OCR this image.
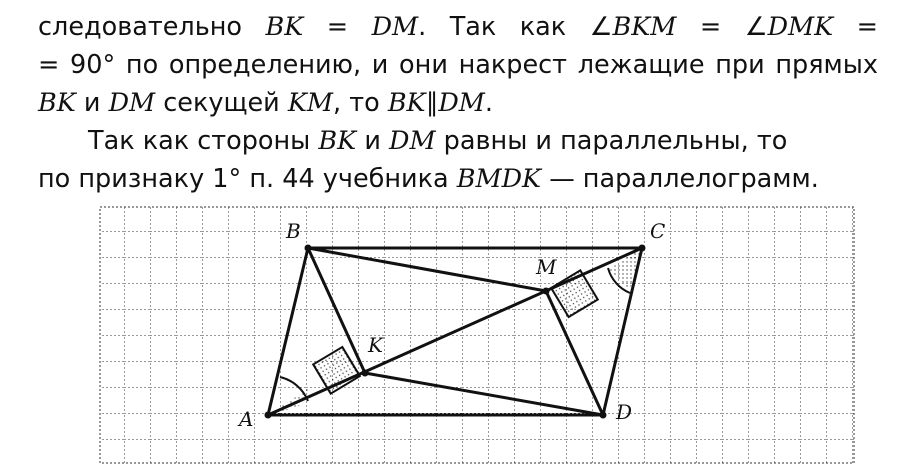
следовательно BK = DM. Так как ∠BKM = ∠DMK =
= 90° по определению, и они накрест лежащие при прямых
BK и DM секущей KM, то BK∥DM.
Так как стороны BK и DM равны и параллельны, то
по признаку 1° п. 44 учебника BMDK — параллелограмм.
A
B	C
D
K
M
